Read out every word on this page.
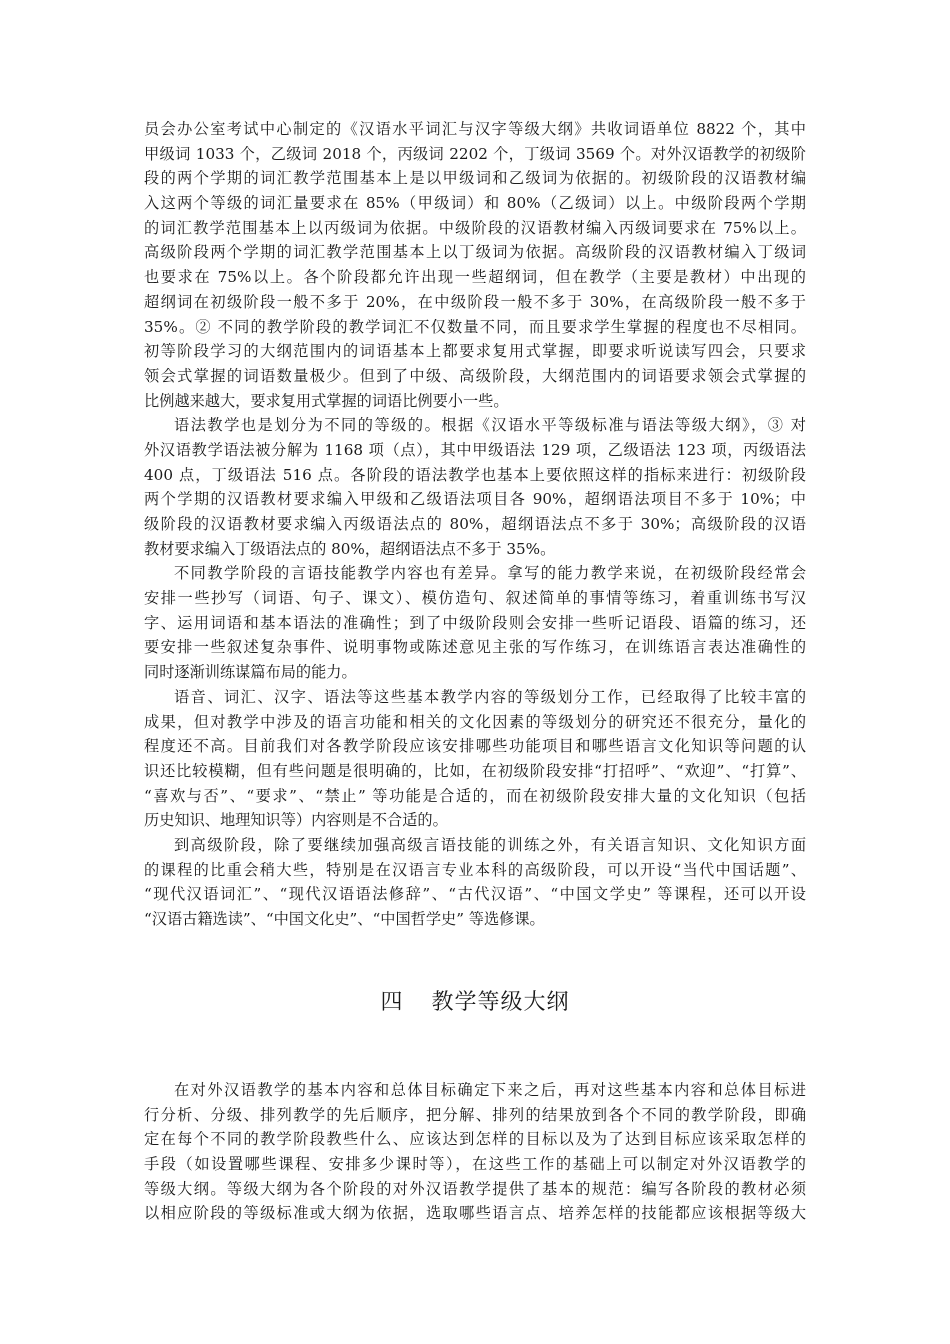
员会办公室考试中心制定的《汉语水平词汇与汉字等级大纲》共收词语单位 8822 个，其中
甲级词 1033 个，乙级词 2018 个，丙级词 2202 个，丁级词 3569 个。对外汉语教学的初级阶
段的两个学期的词汇教学范围基本上是以甲级词和乙级词为依据的。初级阶段的汉语教材编
入这两个等级的词汇量要求在 85%（甲级词）和 80%（乙级词）以上。中级阶段两个学期
的词汇教学范围基本上以丙级词为依据。中级阶段的汉语教材编入丙级词要求在 75%以上。
高级阶段两个学期的词汇教学范围基本上以丁级词为依据。高级阶段的汉语教材编入丁级词
也要求在 75%以上。各个阶段都允许出现一些超纲词，但在教学（主要是教材）中出现的
超纲词在初级阶段一般不多于 20%，在中级阶段一般不多于 30%，在高级阶段一般不多于
35%。② 不同的教学阶段的教学词汇不仅数量不同，而且要求学生掌握的程度也不尽相同。
初等阶段学习的大纲范围内的词语基本上都要求复用式掌握，即要求听说读写四会，只要求
领会式掌握的词语数量极少。但到了中级、高级阶段，大纲范围内的词语要求领会式掌握的
比例越来越大，要求复用式掌握的词语比例要小一些。
语法教学也是划分为不同的等级的。根据《汉语水平等级标准与语法等级大纲》，③ 对
外汉语教学语法被分解为 1168 项（点），其中甲级语法 129 项，乙级语法 123 项，丙级语法
400 点，丁级语法 516 点。各阶段的语法教学也基本上要依照这样的指标来进行：初级阶段
两个学期的汉语教材要求编入甲级和乙级语法项目各 90%，超纲语法项目不多于 10%；中
级阶段的汉语教材要求编入丙级语法点的 80%，超纲语法点不多于 30%；高级阶段的汉语
教材要求编入丁级语法点的 80%，超纲语法点不多于 35%。
不同教学阶段的言语技能教学内容也有差异。拿写的能力教学来说，在初级阶段经常会
安排一些抄写（词语、句子、课文）、模仿造句、叙述简单的事情等练习，着重训练书写汉
字、运用词语和基本语法的准确性；到了中级阶段则会安排一些听记语段、语篇的练习，还
要安排一些叙述复杂事件、说明事物或陈述意见主张的写作练习，在训练语言表达准确性的
同时逐渐训练谋篇布局的能力。
语音、词汇、汉字、语法等这些基本教学内容的等级划分工作，已经取得了比较丰富的
成果，但对教学中涉及的语言功能和相关的文化因素的等级划分的研究还不很充分，量化的
程度还不高。目前我们对各教学阶段应该安排哪些功能项目和哪些语言文化知识等问题的认
识还比较模糊，但有些问题是很明确的，比如，在初级阶段安排“打招呼”、“欢迎”、“打算”、
“喜欢与否”、“要求”、“禁止” 等功能是合适的，而在初级阶段安排大量的文化知识（包括
历史知识、地理知识等）内容则是不合适的。
到高级阶段，除了要继续加强高级言语技能的训练之外，有关语言知识、文化知识方面
的课程的比重会稍大些，特别是在汉语言专业本科的高级阶段，可以开设“当代中国话题”、
“现代汉语词汇”、“现代汉语语法修辞”、“古代汉语”、“中国文学史” 等课程，还可以开设
“汉语古籍选读”、“中国文化史”、“中国哲学史” 等选修课。
四 教学等级大纲
在对外汉语教学的基本内容和总体目标确定下来之后，再对这些基本内容和总体目标进
行分析、分级、排列教学的先后顺序，把分解、排列的结果放到各个不同的教学阶段，即确
定在每个不同的教学阶段教些什么、应该达到怎样的目标以及为了达到目标应该采取怎样的
手段（如设置哪些课程、安排多少课时等），在这些工作的基础上可以制定对外汉语教学的
等级大纲。等级大纲为各个阶段的对外汉语教学提供了基本的规范：编写各阶段的教材必须
以相应阶段的等级标准或大纲为依据，选取哪些语言点、培养怎样的技能都应该根据等级大
